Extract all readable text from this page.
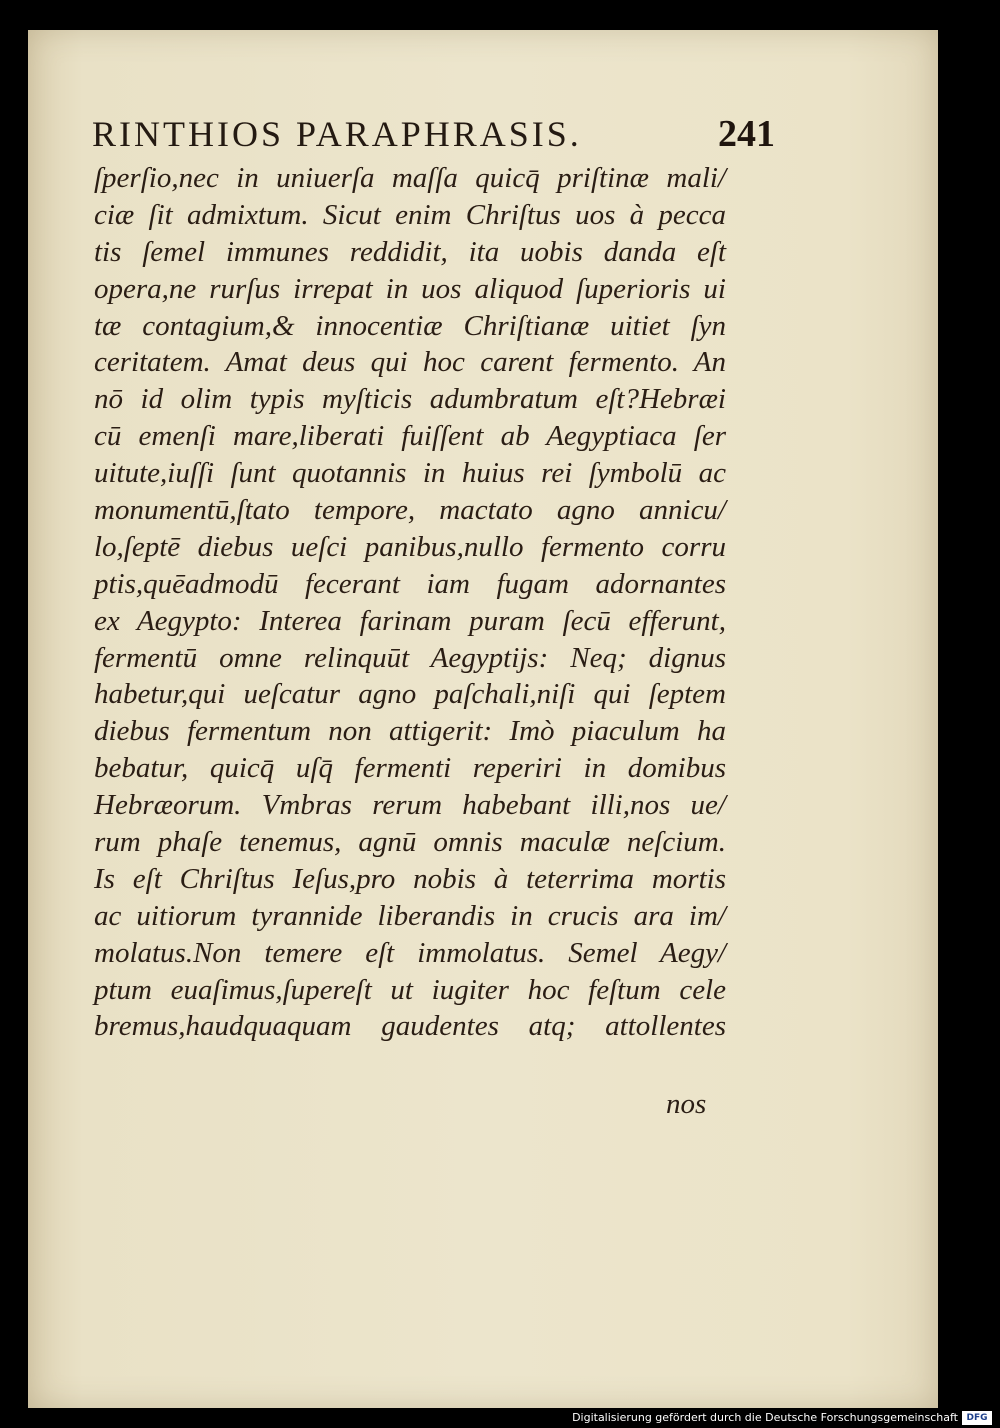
RINTHIOS PARAPHRASIS.	241
ſperſio,nec in uniuerſa maſſa quicq̄ priſtinæ mali/
ciæ ſit admixtum. Sicut enim Chriſtus uos à pecca
tis ſemel immunes reddidit, ita uobis danda eſt
opera,ne rurſus irrepat in uos aliquod ſuperioris ui
tæ contagium,& innocentiæ Chriſtianæ uitiet ſyn
ceritatem. Amat deus qui hoc carent fermento. An
nō id olim typis myſticis adumbratum eſt?Hebræi
cū emenſi mare,liberati fuiſſent ab Aegyptiaca ſer
uitute,iuſſi ſunt quotannis in huius rei ſymbolū ac
monumentū,ſtato tempore, mactato agno annicu/
lo,ſeptē diebus ueſci panibus,nullo fermento corru
ptis,quēadmodū fecerant iam fugam adornantes
ex Aegypto: Interea farinam puram ſecū efferunt,
fermentū omne relinquūt Aegyptijs: Neq; dignus
habetur,qui ueſcatur agno paſchali,niſi qui ſeptem
diebus fermentum non attigerit: Imò piaculum ha
bebatur, quicq̄ uſq̄ fermenti reperiri in domibus
Hebræorum. Vmbras rerum habebant illi,nos ue/
rum phaſe tenemus, agnū omnis maculæ neſcium.
Is eſt Chriſtus Ieſus,pro nobis à teterrima mortis
ac uitiorum tyrannide liberandis in crucis ara im/
molatus.Non temere eſt immolatus. Semel Aegy/
ptum euaſimus,ſupereſt ut iugiter hoc feſtum cele
bremus,haudquaquam gaudentes atq; attollentes
nos
Digitalisierung gefördert durch die Deutsche Forschungsgemeinschaft DFG
